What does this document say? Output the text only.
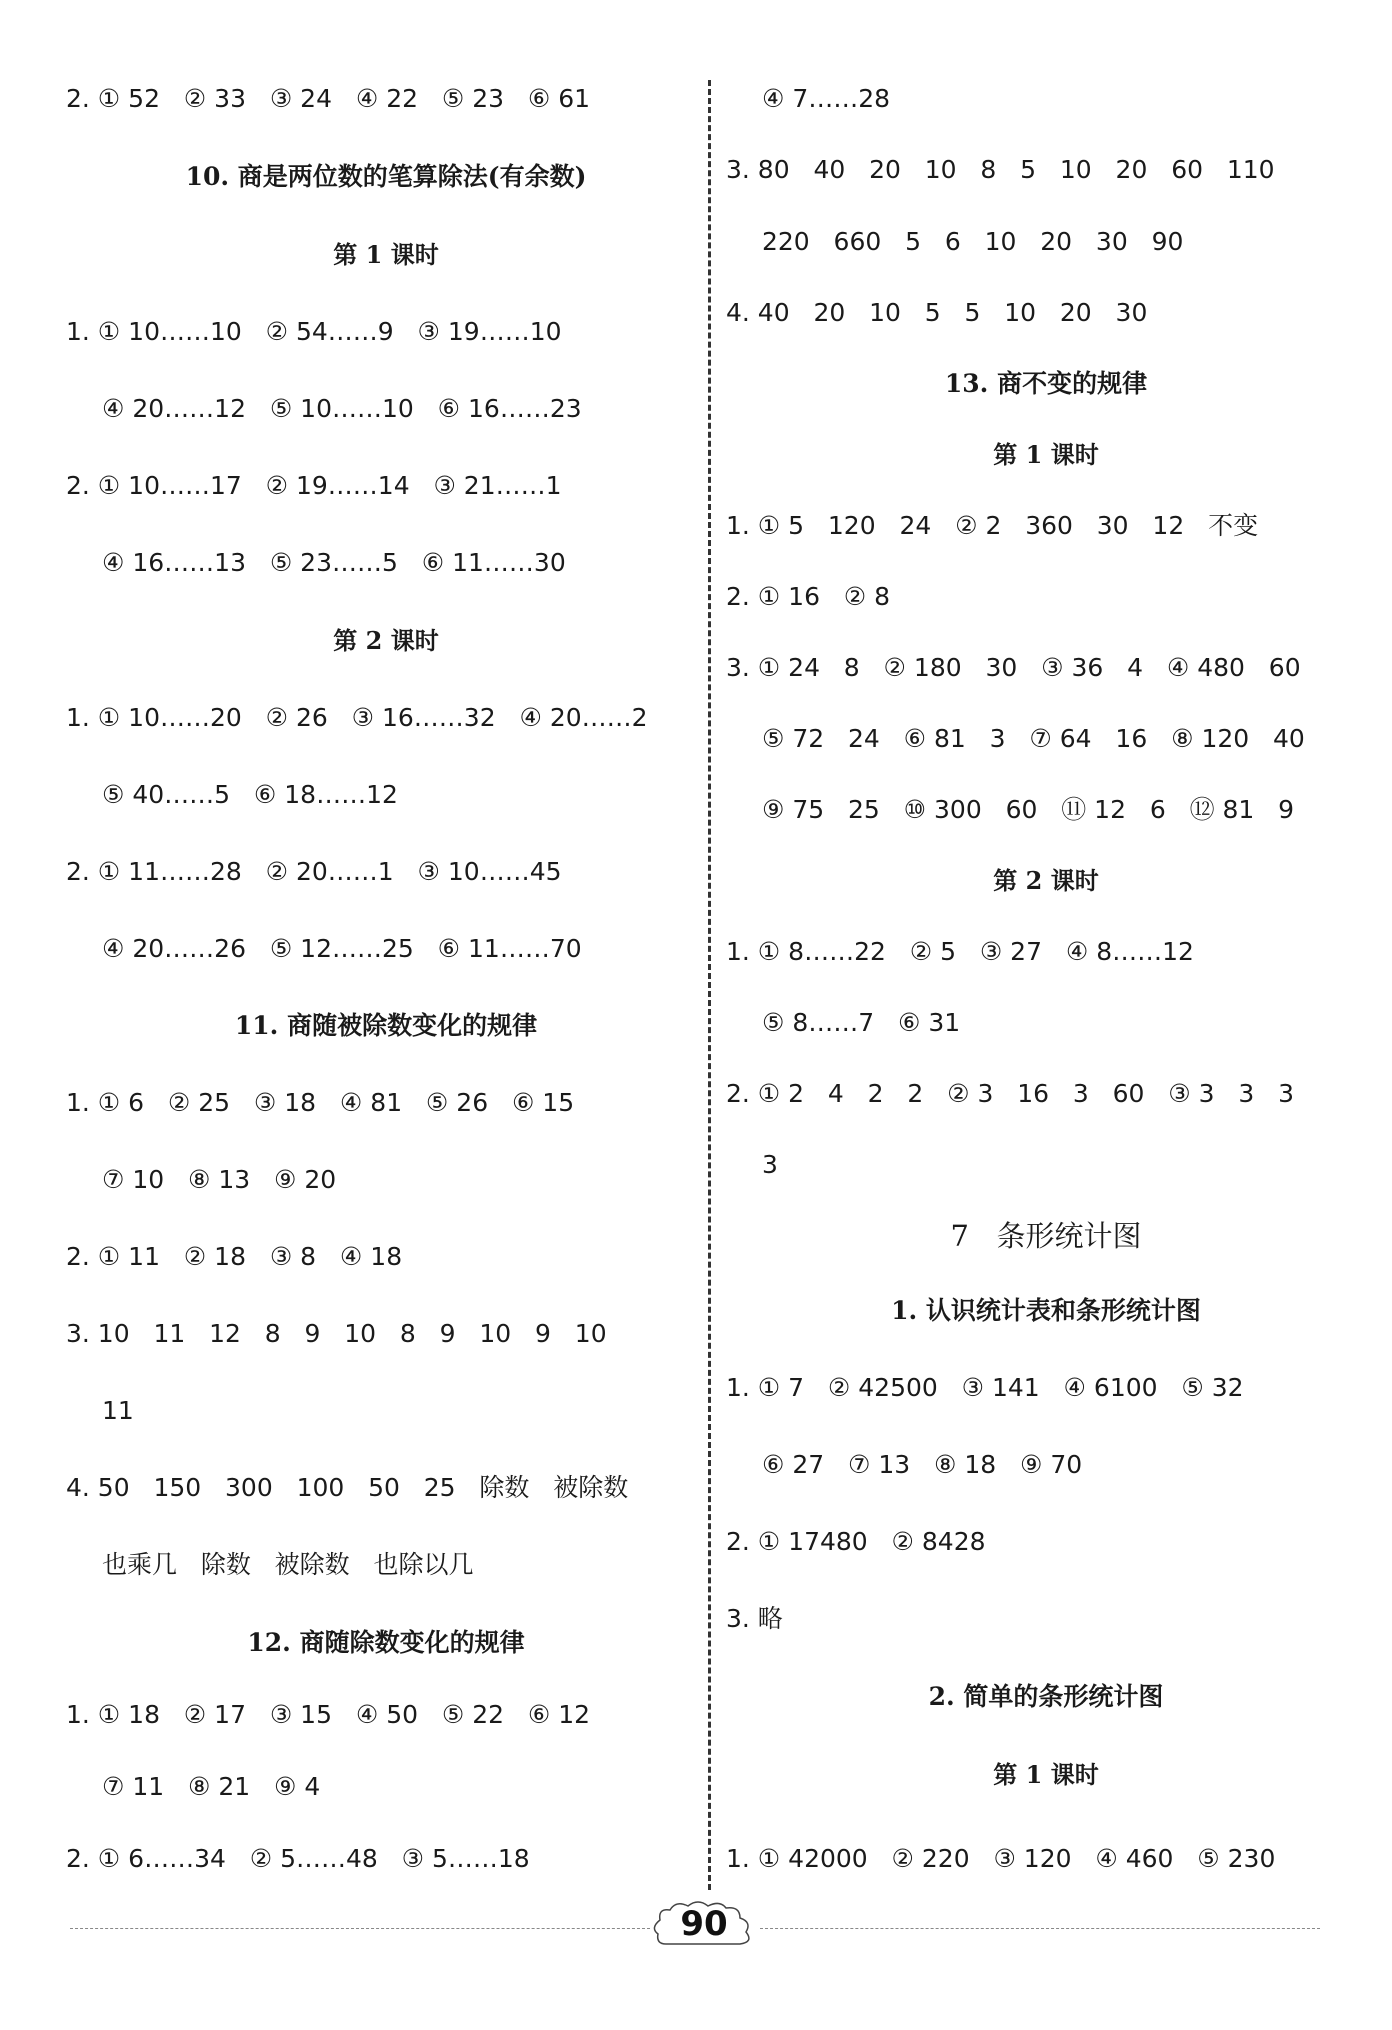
2. ① 52   ② 33   ③ 24   ④ 22   ⑤ 23   ⑥ 61
10. 商是两位数的笔算除法(有余数)
第 1 课时
1. ① 10……10   ② 54……9   ③ 19……10
④ 20……12   ⑤ 10……10   ⑥ 16……23
2. ① 10……17   ② 19……14   ③ 21……1
④ 16……13   ⑤ 23……5   ⑥ 11……30
第 2 课时
1. ① 10……20   ② 26   ③ 16……32   ④ 20……2
⑤ 40……5   ⑥ 18……12
2. ① 11……28   ② 20……1   ③ 10……45
④ 20……26   ⑤ 12……25   ⑥ 11……70
11. 商随被除数变化的规律
1. ① 6   ② 25   ③ 18   ④ 81   ⑤ 26   ⑥ 15
⑦ 10   ⑧ 13   ⑨ 20
2. ① 11   ② 18   ③ 8   ④ 18
3. 10   11   12   8   9   10   8   9   10   9   10
11
4. 50   150   300   100   50   25   除数   被除数
也乘几   除数   被除数   也除以几
12. 商随除数变化的规律
1. ① 18   ② 17   ③ 15   ④ 50   ⑤ 22   ⑥ 12
⑦ 11   ⑧ 21   ⑨ 4
2. ① 6……34   ② 5……48   ③ 5……18
④ 7……28
3. 80   40   20   10   8   5   10   20   60   110
220   660   5   6   10   20   30   90
4. 40   20   10   5   5   10   20   30
13. 商不变的规律
第 1 课时
1. ① 5   120   24   ② 2   360   30   12   不变
2. ① 16   ② 8
3. ① 24   8   ② 180   30   ③ 36   4   ④ 480   60
⑤ 72   24   ⑥ 81   3   ⑦ 64   16   ⑧ 120   40
⑨ 75   25   ⑩ 300   60   ⑪ 12   6   ⑫ 81   9
第 2 课时
1. ① 8……22   ② 5   ③ 27   ④ 8……12
⑤ 8……7   ⑥ 31
2. ① 2   4   2   2   ② 3   16   3   60   ③ 3   3   3
3
7   条形统计图
1. 认识统计表和条形统计图
1. ① 7   ② 42500   ③ 141   ④ 6100   ⑤ 32
⑥ 27   ⑦ 13   ⑧ 18   ⑨ 70
2. ① 17480   ② 8428
3. 略
2. 简单的条形统计图
第 1 课时
1. ① 42000   ② 220   ③ 120   ④ 460   ⑤ 230
90
